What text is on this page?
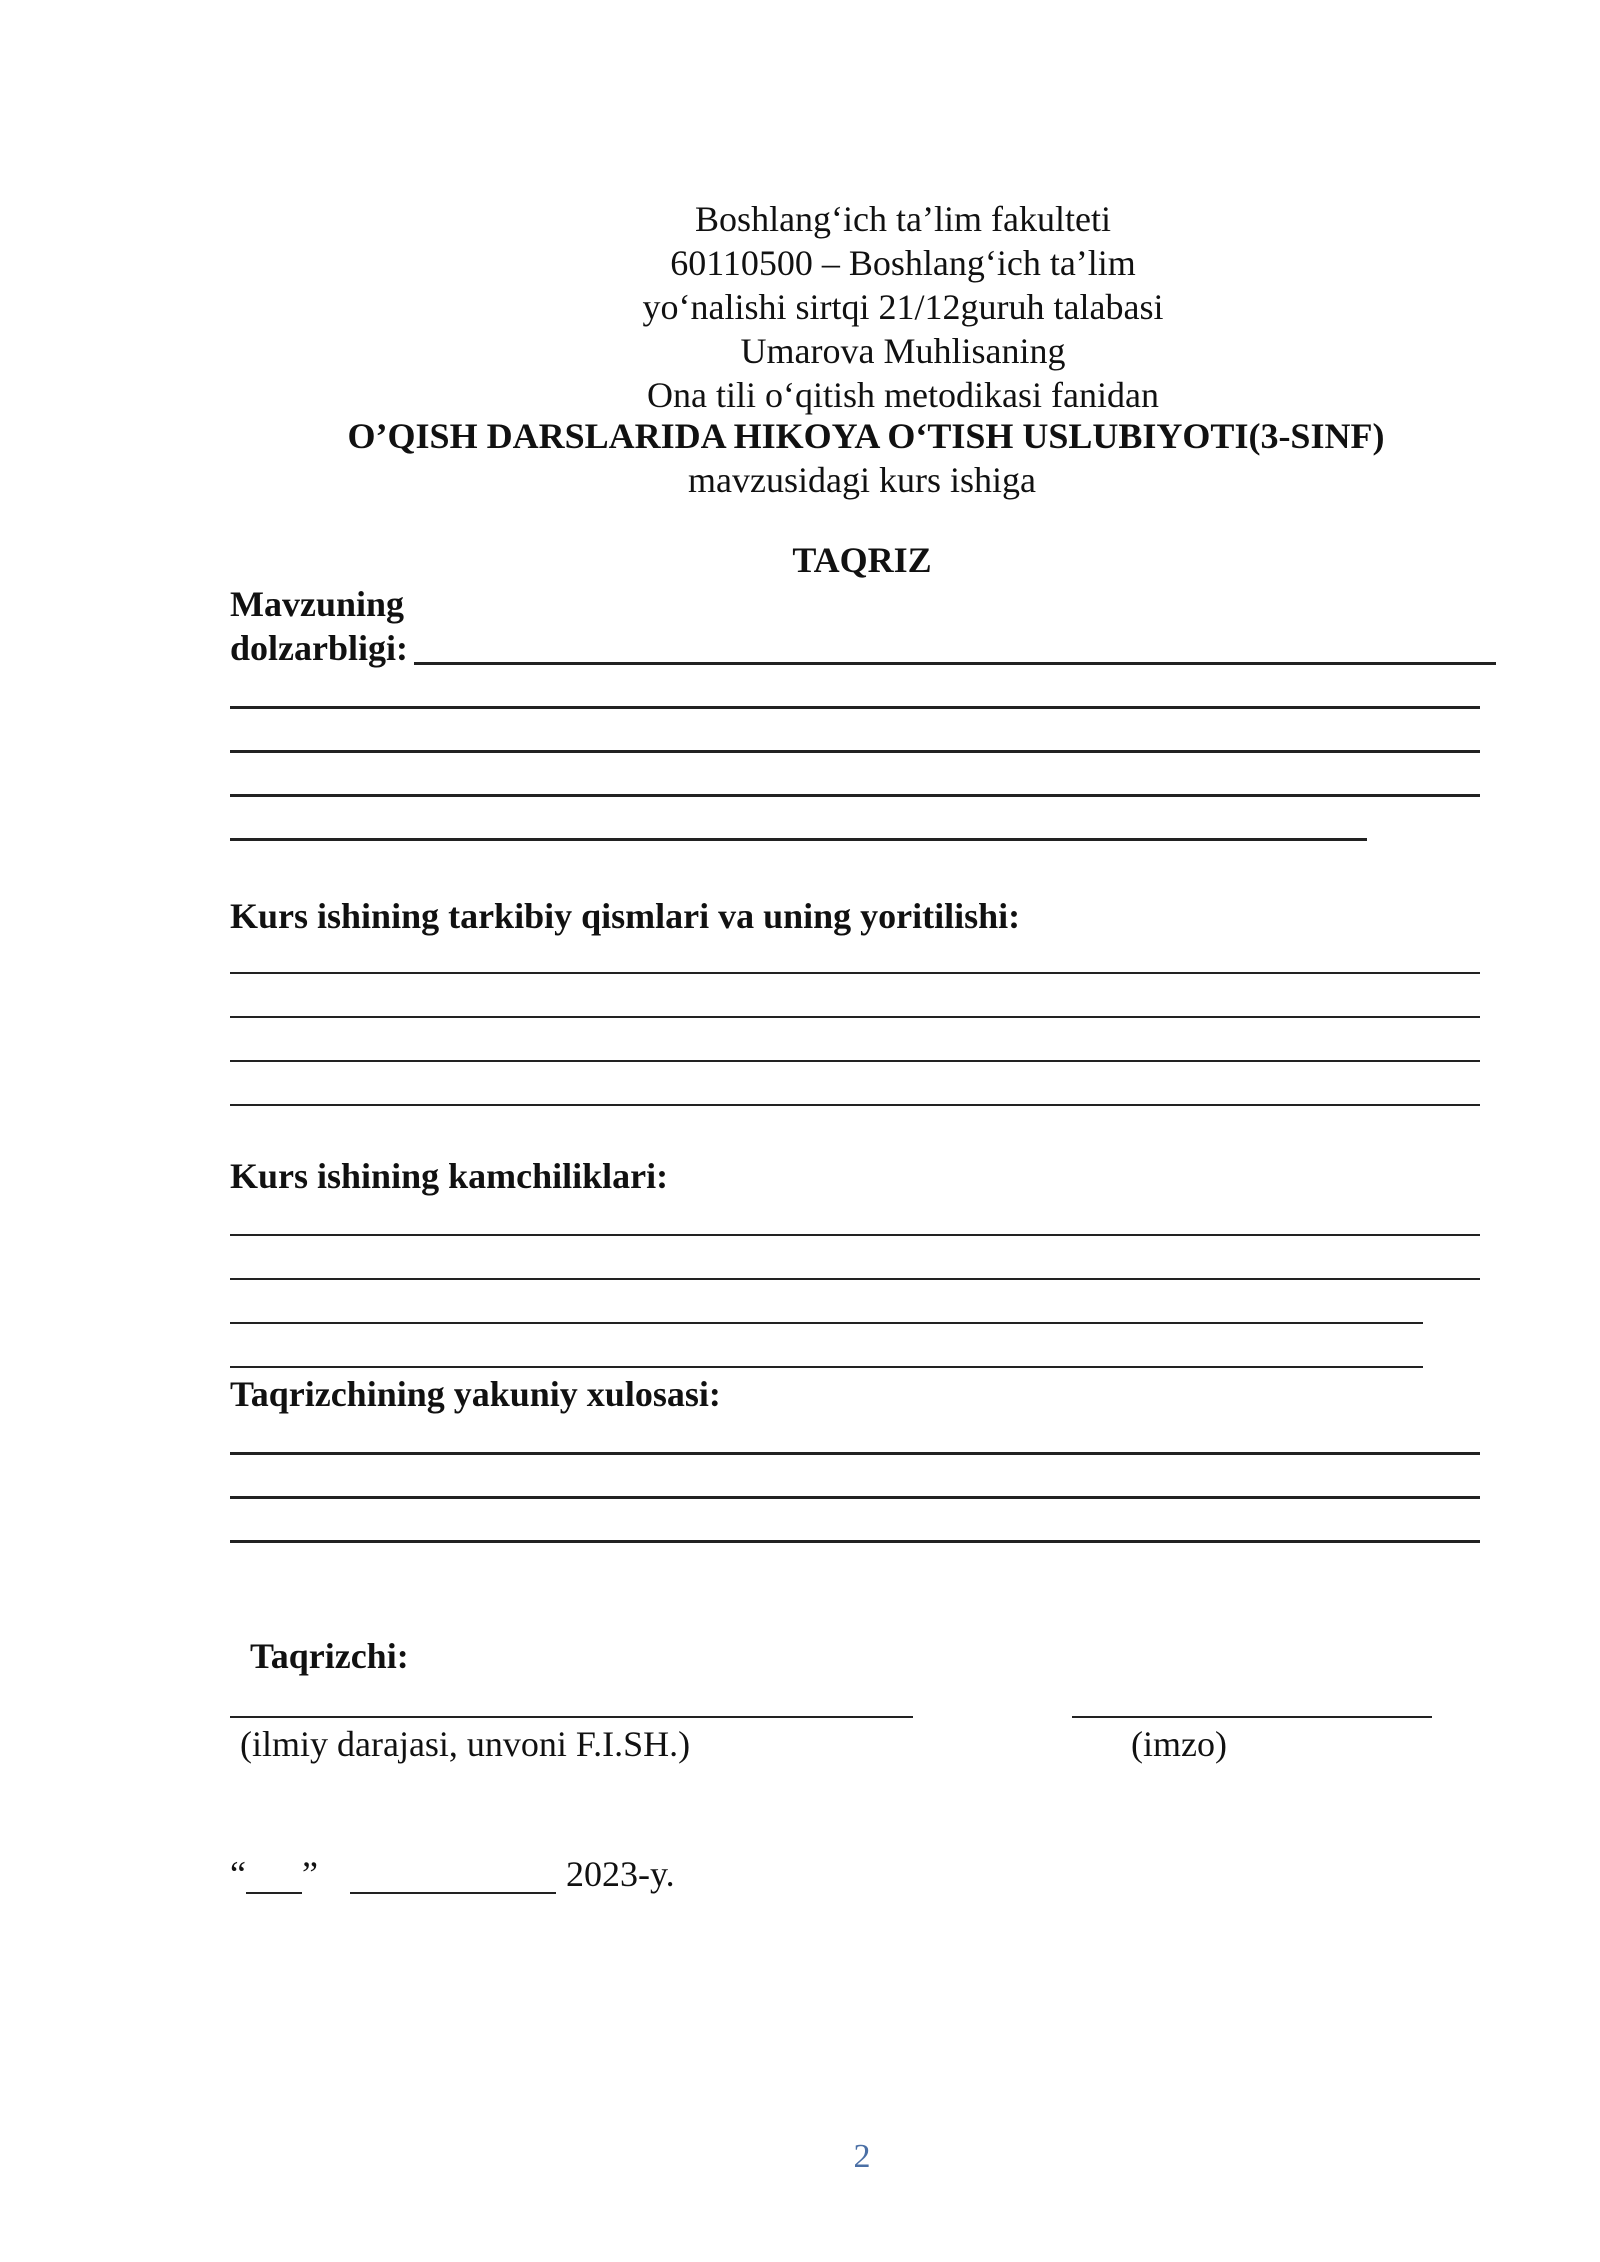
Boshlang‘ich ta’lim fakulteti
60110500 – Boshlang‘ich ta’lim
yo‘nalishi sirtqi 21/12guruh talabasi
Umarova Muhlisaning
Ona tili o‘qitish metodikasi fanidan
O’QISH DARSLARIDA HIKOYA O‘TISH USLUBIYOTI(3-SINF)
mavzusidagi kurs ishiga
TAQRIZ
Mavzuning
dolzarbligi:
Kurs ishining tarkibiy qismlari va uning yoritilishi:
Kurs ishining kamchiliklari:
Taqrizchining yakuniy xulosasi:
Taqrizchi:
(ilmiy darajasi, unvoni F.I.SH.)	(imzo)
“ ”	2023-y.
2
